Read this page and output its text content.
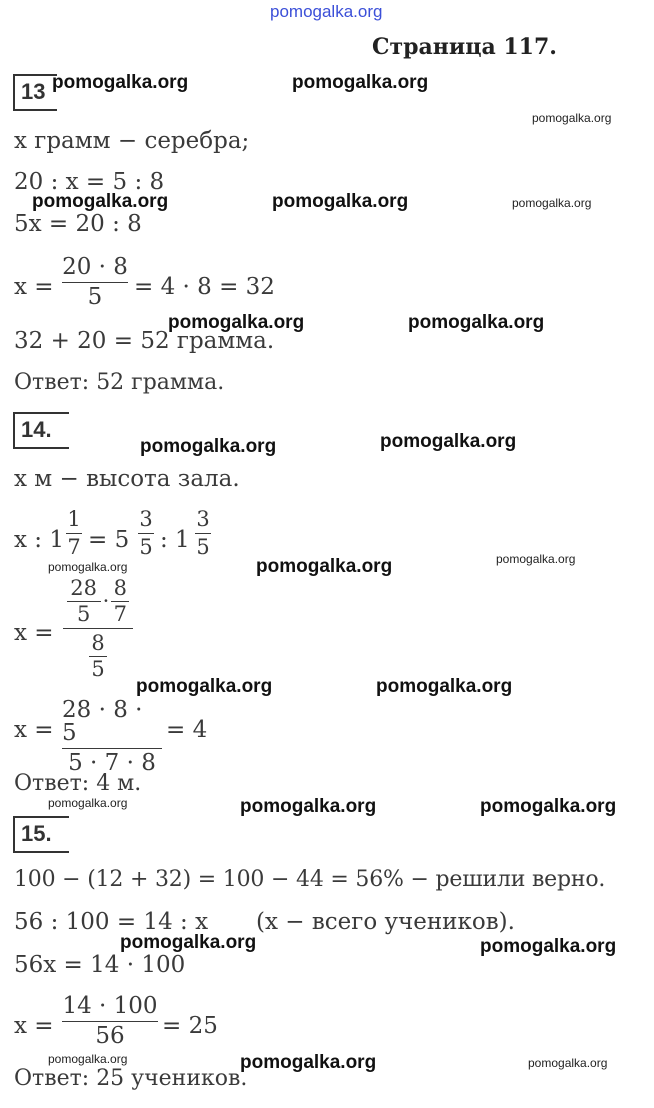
pomogalka.org
Страница 117.
13
x грамм − серебра;
20 : x = 5 : 8
5x = 20 : 8
x =
20 · 8
5 = 4 · 8 = 32
32 + 20 = 52 грамма.
Ответ: 52 грамма.
14.
x м − высота зала.
x : 1
1
7 = 5
3
5 : 1
3
5
x =
28
5
·
8
7
8
5
x =
28 · 8 · 5
5 · 7 · 8
= 4
Ответ: 4 м.
15.
100 − (12 + 32) = 100 − 44 = 56% − решили верно.
56 : 100 = 14 : x (x − всего учеников).
56x = 14 · 100
x =
14 · 100
56 = 25
Ответ: 25 учеников.
pomogalka.org	pomogalka.org
pomogalka.org
pomogalka.org	pomogalka.org	pomogalka.org
pomogalka.org	pomogalka.org
pomogalka.org	pomogalka.org
pomogalka.org	pomogalka.org	pomogalka.org
pomogalka.org	pomogalka.org
pomogalka.org	pomogalka.org	pomogalka.org
pomogalka.org	pomogalka.org
pomogalka.org	pomogalka.org	pomogalka.org
